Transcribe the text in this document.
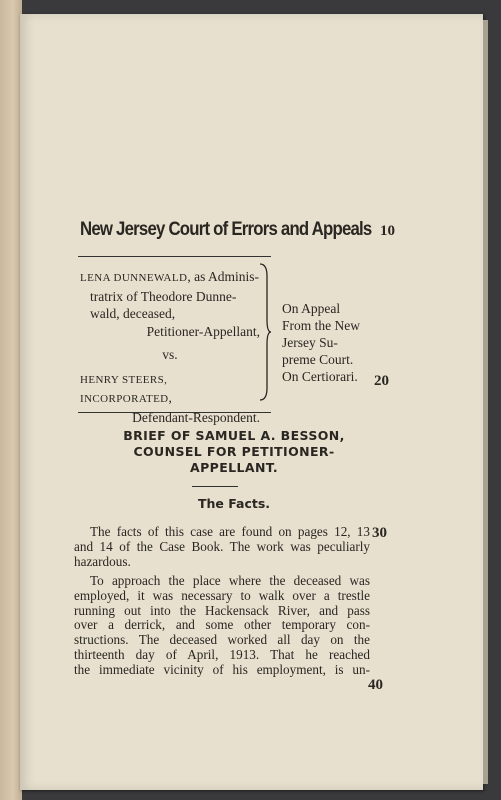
New Jersey Court of Errors and Appeals 10
20
30
40
LENA DUNNEWALD, as Adminis-
tratrix of Theodore Dunne-
wald, deceased,
Petitioner-Appellant,
vs.
HENRY STEERS, INCORPORATED,
Defendant-Respondent.
On Appeal
From the New
Jersey Su-
preme Court.
On Certiorari.
BRIEF OF SAMUEL A. BESSON,
COUNSEL FOR PETITIONER-
APPELLANT.
The Facts.
The facts of this case are found on pages 12, 13
and 14 of the Case Book. The work was peculiarly
hazardous.
To approach the place where the deceased was
employed, it was necessary to walk over a trestle
running out into the Hackensack River, and pass
over a derrick, and some other temporary con-
structions. The deceased worked all day on the
thirteenth day of April, 1913. That he reached
the immediate vicinity of his employment, is un-
